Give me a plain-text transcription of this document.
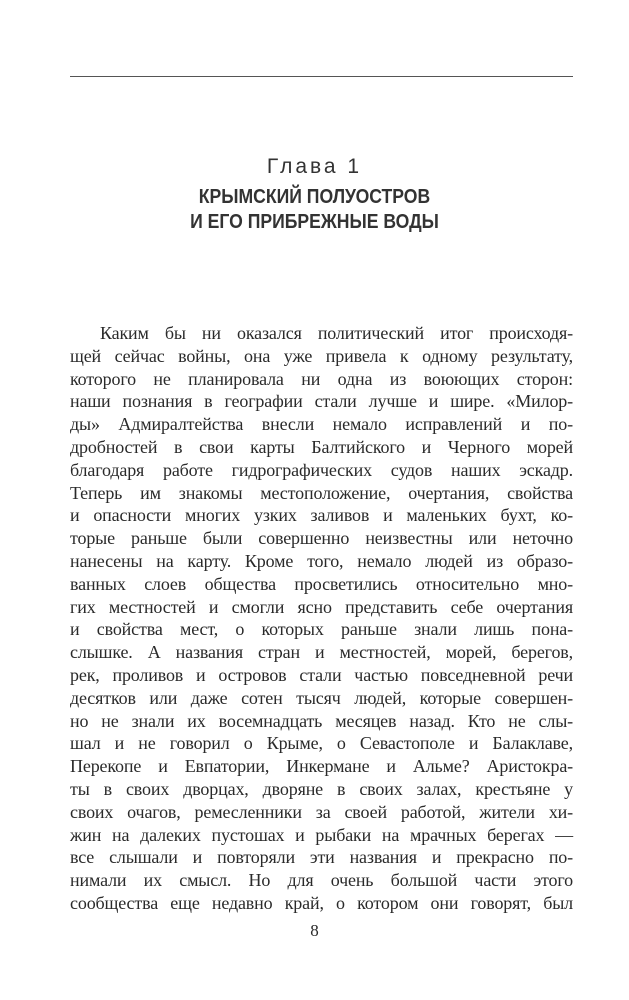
Глава 1
КРЫМСКИЙ ПОЛУОСТРОВ
И ЕГО ПРИБРЕЖНЫЕ ВОДЫ
Каким бы ни оказался политический итог происходя-
щей сейчас войны, она уже привела к одному результату,
которого не планировала ни одна из воюющих сторон:
наши познания в географии стали лучше и шире. «Милор-
ды» Адмиралтейства внесли немало исправлений и по-
дробностей в свои карты Балтийского и Черного морей
благодаря работе гидрографических судов наших эскадр.
Теперь им знакомы местоположение, очертания, свойства
и опасности многих узких заливов и маленьких бухт, ко-
торые раньше были совершенно неизвестны или неточно
нанесены на карту. Кроме того, немало людей из образо-
ванных слоев общества просветились относительно мно-
гих местностей и смогли ясно представить себе очертания
и свойства мест, о которых раньше знали лишь пона-
слышке. А названия стран и местностей, морей, берегов,
рек, проливов и островов стали частью повседневной речи
десятков или даже сотен тысяч людей, которые совершен-
но не знали их восемнадцать месяцев назад. Кто не слы-
шал и не говорил о Крыме, о Севастополе и Балаклаве,
Перекопе и Евпатории, Инкермане и Альме? Аристокра-
ты в своих дворцах, дворяне в своих залах, крестьяне у
своих очагов, ремесленники за своей работой, жители хи-
жин на далеких пустошах и рыбаки на мрачных берегах —
все слышали и повторяли эти названия и прекрасно по-
нимали их смысл. Но для очень большой части этого
сообщества еще недавно край, о котором они говорят, был
8
